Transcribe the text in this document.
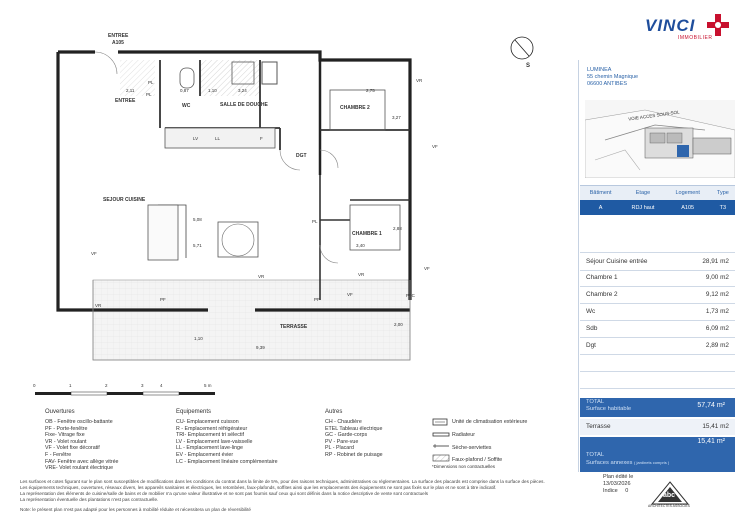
ENTREE
A105
ENTREE
WC	SALLE DE DOUCHE	CHAMBRE 2
CHAMBRE 1
SEJOUR CUISINE
DGT
TERRASSE
2,11	0,87	1,10	3,24	2,75
3,27
5,08
5,71
2,88
3,40
2,00
9,39
1,10
PL
PL
LV	LL	F
PL
VR
VR	VR
VF
VF
VF
VF
PF	PF
PAC
VR
S
0	1	2	3	4	5 m
Ouvertures
OB - Fenêtre oscillo-battante
PF - Porte-fenêtre
Fixe- Vitrage fixe
VR - Volet roulant
VF - Volet fixe décoratif
F - Fenêtre
FAV- Fenêtre avec allège vitrée
VRE- Volet roulant électrique
Equipements
CU- Emplacement cuisson
R - Emplacement réfrigérateur
TRI- Emplacement tri sélectif
LV - Emplacement lave-vaisselle
LL - Emplacement lave-linge
EV - Emplacement évier
LC - Emplacement linéaire complémentaire
Autres
CH - Chaudière
ETEL Tableau électrique
GC - Garde-corps
PV - Pare-vue
PL - Placard
RP - Robinet de puisage
Unité de climatisation extérieure
Radiateur
Sèche-serviettes
Faux-plafond / Soffite
*Dimensions non contractuelles
Les surfaces et cotes figurant sur le plan sont susceptibles de modifications dans les conditions du contrat dans la limite de 5%, pour des raisons techniques, administratives ou réglementaires. La surface des placards est comprise dans la surface des pièces.
Les équipements techniques, ouvertures, réseaux divers, les appareils sanitaires et électriques, les retombées, faux-plafonds, soffites ainsi que les emplacements des équipements ne sont pas fixés sur le plan et ne sont à titre indicatif.
La représentation des éléments de cuisine/salle de bains et de mobilier n'a qu'une valeur illustrative et ne sont pas fournis sauf ceux qui sont définis dans la notice descriptive de vente sont contractuels
La représentation éventuelle des plantations n'est pas contractuelle.
Note: le présent plan n'est pas adapté pour les personnes à mobilité réduite et nécessitera un plan de réversibilité
Plan édité le
13/03/2026
Indice 0
abc
ARCHITECTES ASSOCIES
VINCI
IMMOBILIER
LUMINEA
55 chemin Magnique
06600 ANTIBES
VOIE ACCES SOUS-SOL
Bâtiment	Etage	Logement	Type
A	RDJ haut	A105	T3
Séjour Cuisine entrée	28,91 m2
Chambre 1	9,00 m2
Chambre 2	9,12 m2
Wc	1,73 m2
Sdb	6,09 m2
Dgt	2,89 m2
TOTAL
Surface habitable	57,74 m²
Terrasse	15,41 m2
15,41 m²
TOTAL
Surfaces annexes ( jardinets compris )
